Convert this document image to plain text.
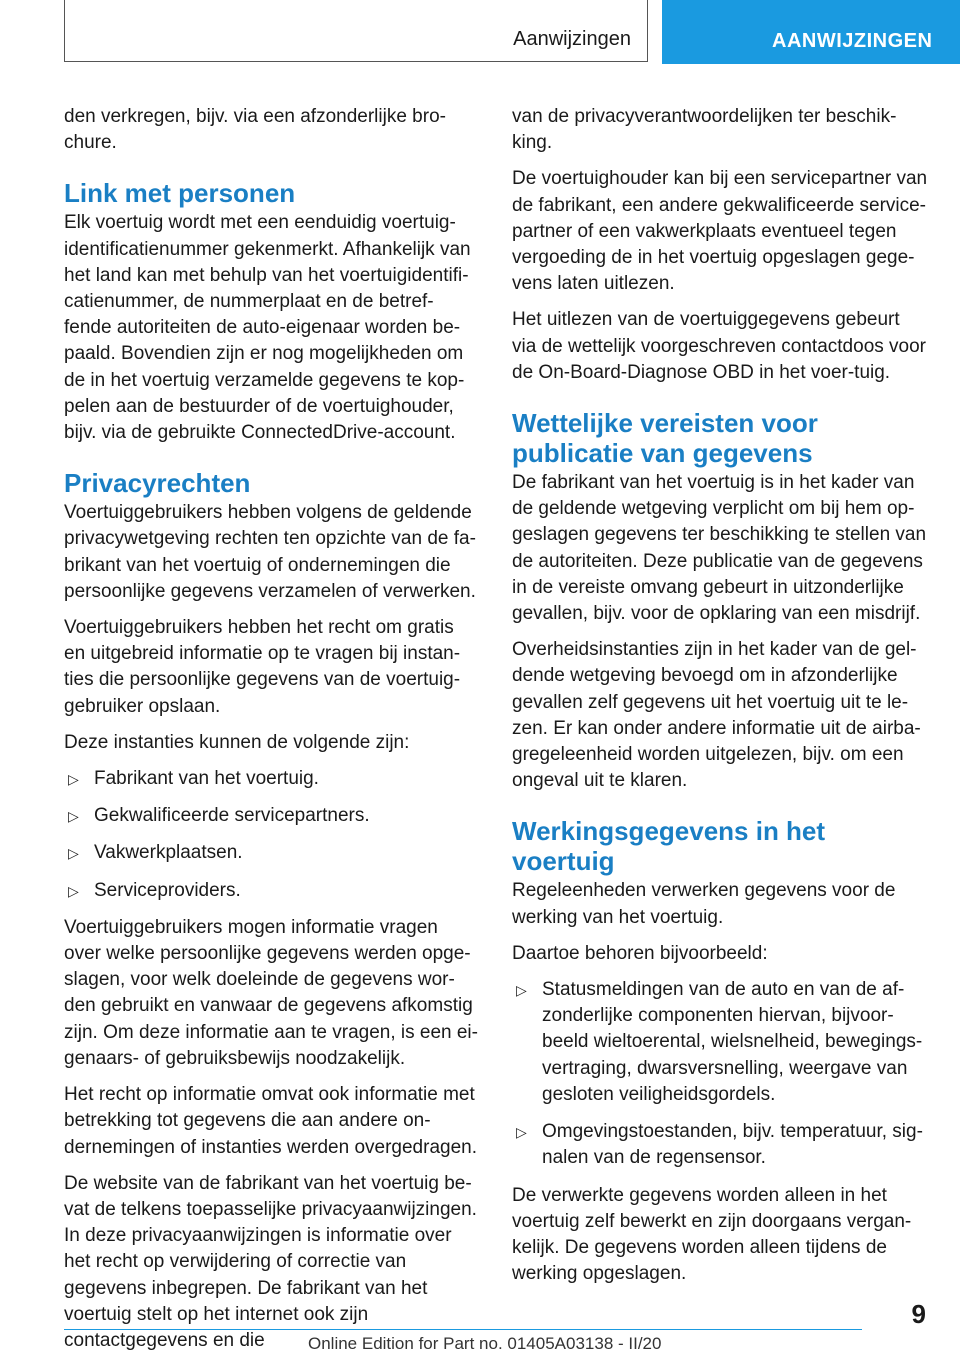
Aanwijzingen	AANWIJZINGEN

den verkregen, bijv. via een afzonderlijke bro-chure.

Link met personen

Elk voertuig wordt met een eenduidig voertuig-identificatienummer gekenmerkt. Afhankelijk van het land kan met behulp van het voertuigidentifi-catienummer, de nummerplaat en de betref-fende autoriteiten de auto-eigenaar worden be-paald. Bovendien zijn er nog mogelijkheden om de in het voertuig verzamelde gegevens te kop-pelen aan de bestuurder of de voertuighouder, bijv. via de gebruikte ConnectedDrive-account.

Privacyrechten

Voertuiggebruikers hebben volgens de geldende privacywetgeving rechten ten opzichte van de fa-brikant van het voertuig of ondernemingen die persoonlijke gegevens verzamelen of verwerken.

Voertuiggebruikers hebben het recht om gratis en uitgebreid informatie op te vragen bij instan-ties die persoonlijke gegevens van de voertuig-gebruiker opslaan.

Deze instanties kunnen de volgende zijn:

▷ Fabrikant van het voertuig.
▷ Gekwalificeerde servicepartners.
▷ Vakwerkplaatsen.
▷ Serviceproviders.

Voertuiggebruikers mogen informatie vragen over welke persoonlijke gegevens werden opge-slagen, voor welk doeleinde de gegevens wor-den gebruikt en vanwaar de gegevens afkomstig zijn. Om deze informatie aan te vragen, is een ei-genaars- of gebruiksbewijs noodzakelijk.

Het recht op informatie omvat ook informatie met betrekking tot gegevens die aan andere on-dernemingen of instanties werden overgedragen.

De website van de fabrikant van het voertuig be-vat de telkens toepasselijke privacyaanwijzingen. In deze privacyaanwijzingen is informatie over het recht op verwijdering of correctie van gegevens inbegrepen. De fabrikant van het voertuig stelt op het internet ook zijn contactgegevens en die

van de privacyverantwoordelijken ter beschik-king.

De voertuighouder kan bij een servicepartner van de fabrikant, een andere gekwalificeerde service-partner of een vakwerkplaats eventueel tegen vergoeding de in het voertuig opgeslagen gege-vens laten uitlezen.

Het uitlezen van de voertuiggegevens gebeurt via de wettelijk voorgeschreven contactdoos voor de On-Board-Diagnose OBD in het voer-tuig.

Wettelijke vereisten voor publicatie van gegevens

De fabrikant van het voertuig is in het kader van de geldende wetgeving verplicht om bij hem op-geslagen gegevens ter beschikking te stellen van de autoriteiten. Deze publicatie van de gegevens in de vereiste omvang gebeurt in uitzonderlijke gevallen, bijv. voor de opklaring van een misdrijf.

Overheidsinstanties zijn in het kader van de gel-dende wetgeving bevoegd om in afzonderlijke gevallen zelf gegevens uit het voertuig uit te le-zen. Er kan onder andere informatie uit de airba-gregeleenheid worden uitgelezen, bijv. om een ongeval uit te klaren.

Werkingsgegevens in het voertuig

Regeleenheden verwerken gegevens voor de werking van het voertuig.

Daartoe behoren bijvoorbeeld:

▷ Statusmeldingen van de auto en van de af-zonderlijke componenten hiervan, bijvoor-beeld wieltoerental, wielsnelheid, bewegings-vertraging, dwarsversnelling, weergave van gesloten veiligheidsgordels.
▷ Omgevingstoestanden, bijv. temperatuur, sig-nalen van de regensensor.

De verwerkte gegevens worden alleen in het voertuig zelf bewerkt en zijn doorgaans vergan-kelijk. De gegevens worden alleen tijdens de werking opgeslagen.

9
Online Edition for Part no. 01405A03138 - II/20
